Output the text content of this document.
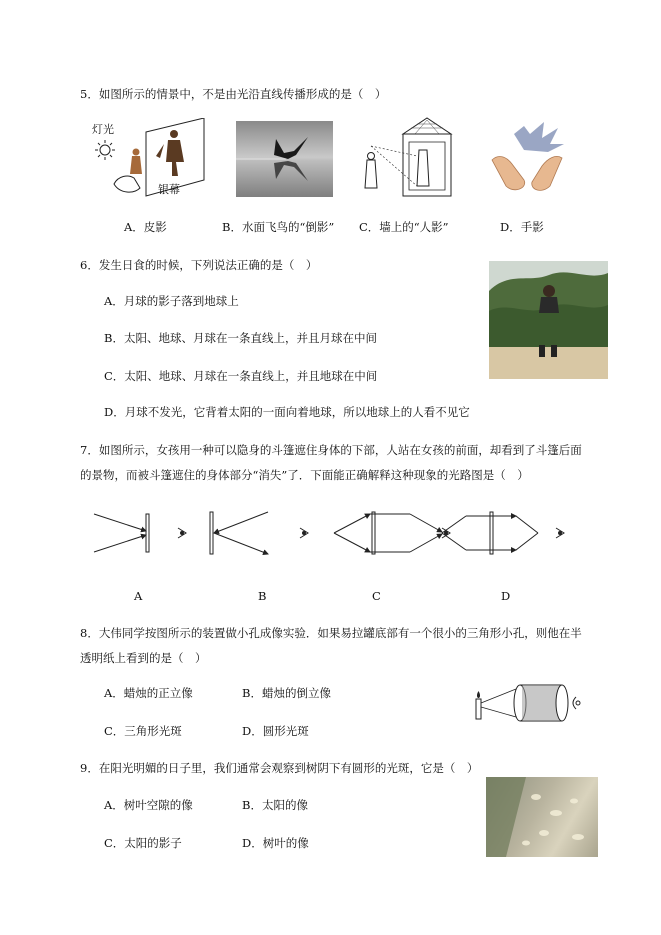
5．如图所示的情景中，不是由光沿直线传播形成的是（　）
灯光
银幕
A．皮影	B．水面飞鸟的“倒影” C．墙上的“人影”	D．手影
6．发生日食的时候，下列说法正确的是（　）
A．月球的影子落到地球上
B．太阳、地球、月球在一条直线上，并且月球在中间
C．太阳、地球、月球在一条直线上，并且地球在中间
D．月球不发光，它背着太阳的一面向着地球，所以地球上的人看不见它
7．如图所示，女孩用一种可以隐身的斗篷遮住身体的下部，人站在女孩的前面，却看到了斗篷后面
的景物，而被斗篷遮住的身体部分“消失”了．下面能正确解释这种现象的光路图是（　）
A	B	C	D
8．大伟同学按图所示的装置做小孔成像实验．如果易拉罐底部有一个很小的三角形小孔，则他在半
透明纸上看到的是（　）
A．蜡烛的正立像	B．蜡烛的倒立像
C．三角形光斑	D．圆形光斑
9．在阳光明媚的日子里，我们通常会观察到树阴下有圆形的光斑，它是（　）
A．树叶空隙的像	B．太阳的像
C．太阳的影子	D．树叶的像
